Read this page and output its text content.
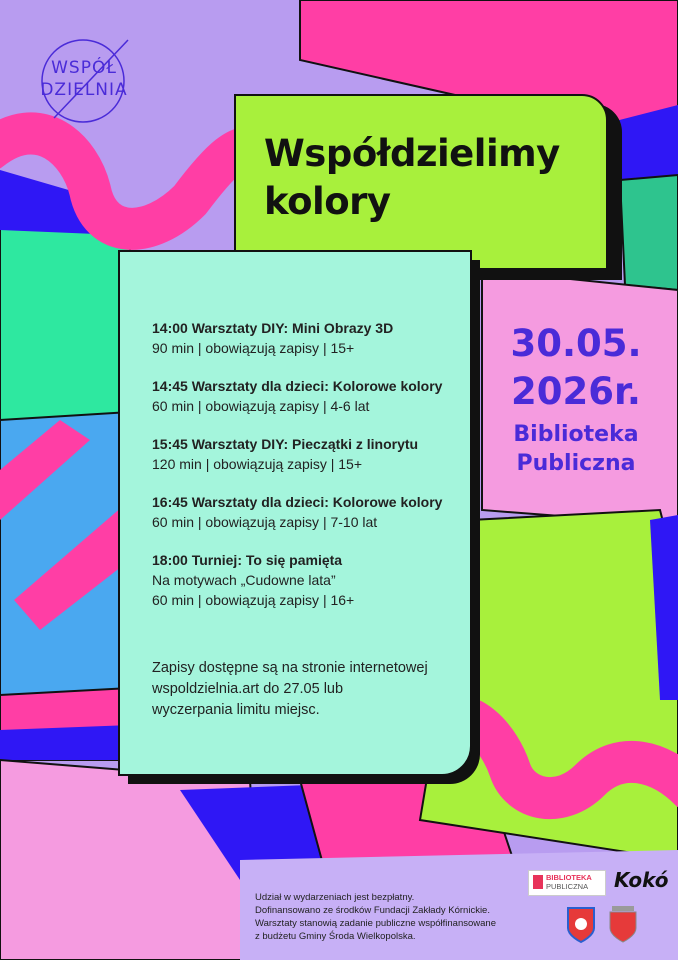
WSPÓŁ
DZIELNIA
Współdzielimy
kolory
14:00 Warsztaty DIY: Mini Obrazy 3D
90 min | obowiązują zapisy | 15+
14:45 Warsztaty dla dzieci: Kolorowe kolory
60 min | obowiązują zapisy | 4-6 lat
15:45 Warsztaty DIY: Pieczątki z linorytu
120 min | obowiązują zapisy | 15+
16:45 Warsztaty dla dzieci: Kolorowe kolory
60 min | obowiązują zapisy | 7-10 lat
18:00 Turniej: To się pamięta
Na motywach „Cudowne lata”
60 min | obowiązują zapisy | 16+
Zapisy dostępne są na stronie internetowej
wspoldzielnia.art do 27.05 lub
wyczerpania limitu miejsc.
30.05.
2026r.
Biblioteka
Publiczna
Udział w wydarzeniach jest bezpłatny.
Dofinansowano ze środków Fundacji Zakłady Kórnickie.
Warsztaty stanowią zadanie publiczne współfinansowane
z budżetu Gminy Środa Wielkopolska.
BIBLIOTEKA
PUBLICZNA Kokó
